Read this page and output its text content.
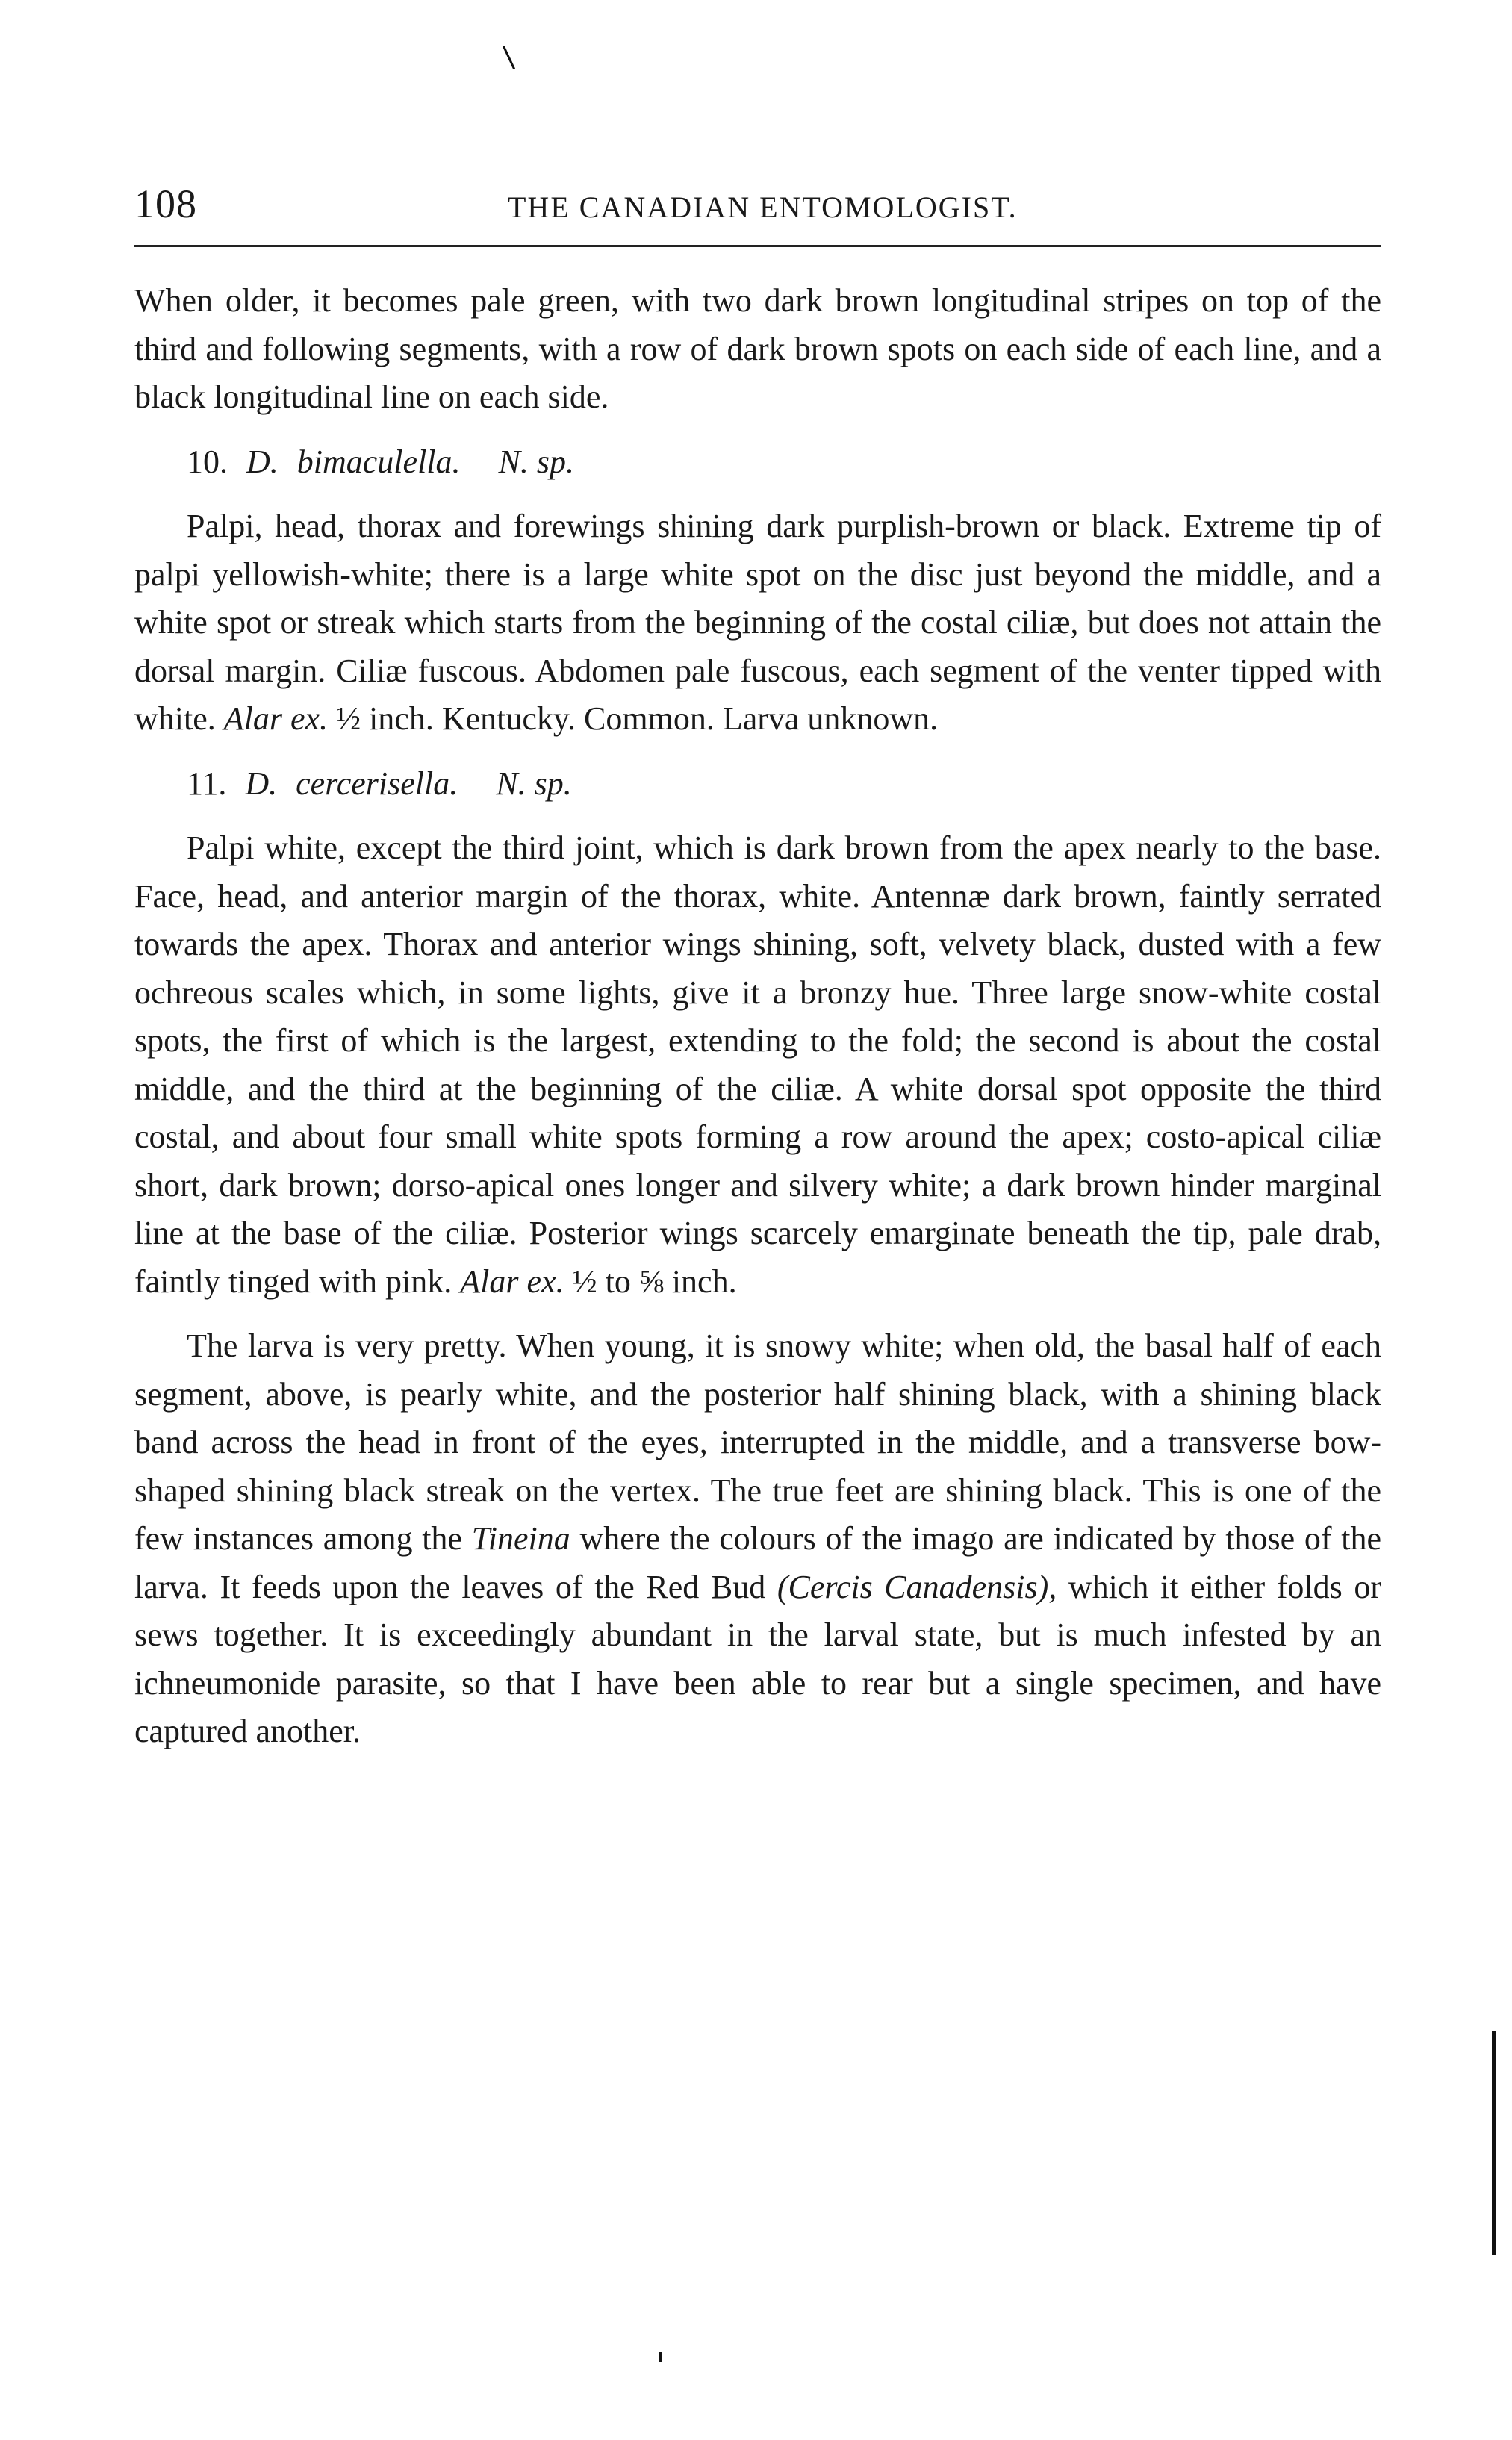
108	THE CANADIAN ENTOMOLOGIST.

When older, it becomes pale green, with two dark brown longitudinal stripes on top of the third and following segments, with a row of dark brown spots on each side of each line, and a black longitudinal line on each side.

10. D. bimaculella. N. sp.

Palpi, head, thorax and forewings shining dark purplish-brown or black. Extreme tip of palpi yellowish-white; there is a large white spot on the disc just beyond the middle, and a white spot or streak which starts from the beginning of the costal ciliæ, but does not attain the dorsal margin. Ciliæ fuscous. Abdomen pale fuscous, each segment of the venter tipped with white. Alar ex. ½ inch. Kentucky. Common. Larva unknown.

11. D. cercerisella. N. sp.

Palpi white, except the third joint, which is dark brown from the apex nearly to the base. Face, head, and anterior margin of the thorax, white. Antennæ dark brown, faintly serrated towards the apex. Thorax and anterior wings shining, soft, velvety black, dusted with a few ochreous scales which, in some lights, give it a bronzy hue. Three large snow-white costal spots, the first of which is the largest, extending to the fold; the second is about the costal middle, and the third at the beginning of the ciliæ. A white dorsal spot opposite the third costal, and about four small white spots forming a row around the apex; costo-apical ciliæ short, dark brown; dorso-apical ones longer and silvery white; a dark brown hinder marginal line at the base of the ciliæ. Posterior wings scarcely emarginate beneath the tip, pale drab, faintly tinged with pink. Alar ex. ½ to ⅝ inch.

The larva is very pretty. When young, it is snowy white; when old, the basal half of each segment, above, is pearly white, and the posterior half shining black, with a shining black band across the head in front of the eyes, interrupted in the middle, and a transverse bow-shaped shining black streak on the vertex. The true feet are shining black. This is one of the few instances among the Tineina where the colours of the imago are indicated by those of the larva. It feeds upon the leaves of the Red Bud (Cercis Canadensis), which it either folds or sews together. It is exceedingly abundant in the larval state, but is much infested by an ichneumonide parasite, so that I have been able to rear but a single specimen, and have captured another.
